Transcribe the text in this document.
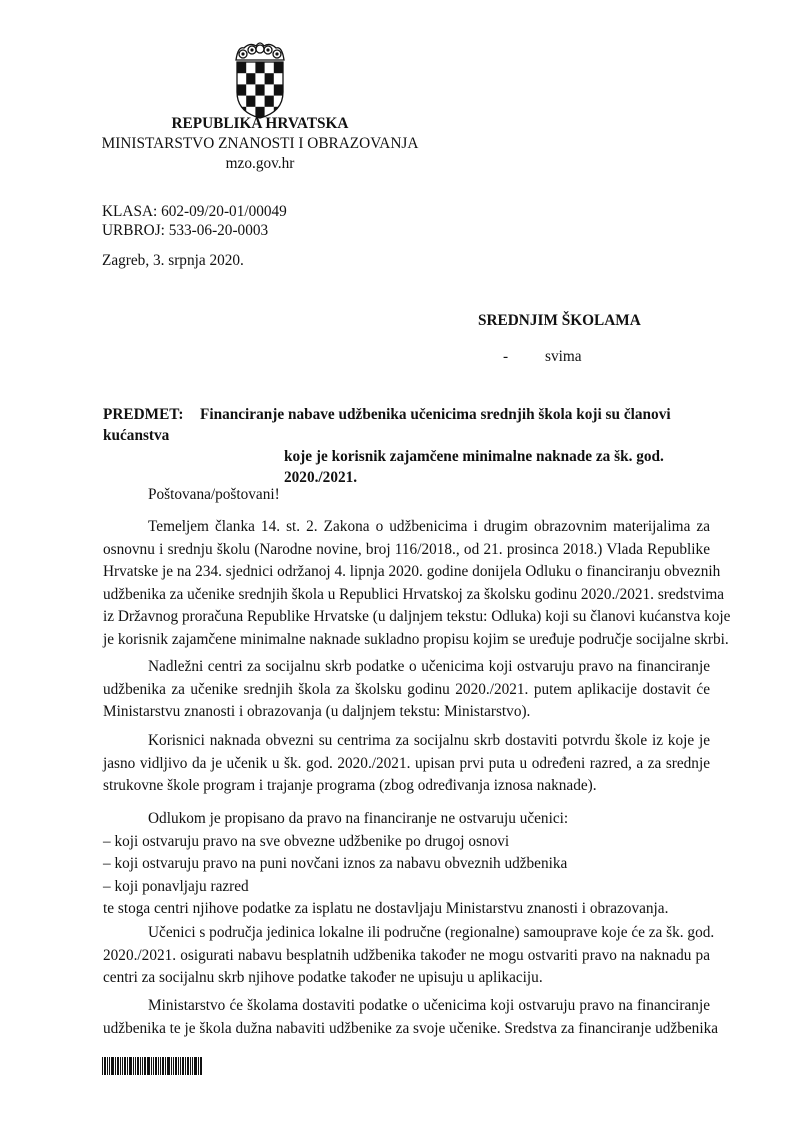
REPUBLIKA HRVATSKA
MINISTARSTVO ZNANOSTI I OBRAZOVANJA
mzo.gov.hr
KLASA: 602-09/20-01/00049
URBROJ: 533-06-20-0003
Zagreb, 3. srpnja 2020.
SREDNJIM ŠKOLAMA
- svima
PREDMET: Financiranje nabave udžbenika učenicima srednjih škola koji su članovi kućanstva
koje je korisnik zajamčene minimalne naknade za šk. god. 2020./2021.
Poštovana/poštovani!
Temeljem članka 14. st. 2. Zakona o udžbenicima i drugim obrazovnim materijalima za
osnovnu i srednju školu (Narodne novine, broj 116/2018., od 21. prosinca 2018.) Vlada Republike
Hrvatske je na 234. sjednici održanoj 4. lipnja 2020. godine donijela Odluku o financiranju obveznih
udžbenika za učenike srednjih škola u Republici Hrvatskoj za školsku godinu 2020./2021. sredstvima
iz Državnog proračuna Republike Hrvatske (u daljnjem tekstu: Odluka) koji su članovi kućanstva koje
je korisnik zajamčene minimalne naknade sukladno propisu kojim se uređuje područje socijalne skrbi.
Nadležni centri za socijalnu skrb podatke o učenicima koji ostvaruju pravo na financiranje
udžbenika za učenike srednjih škola za školsku godinu 2020./2021. putem aplikacije dostavit će
Ministarstvu znanosti i obrazovanja (u daljnjem tekstu: Ministarstvo).
Korisnici naknada obvezni su centrima za socijalnu skrb dostaviti potvrdu škole iz koje je
jasno vidljivo da je učenik u šk. god. 2020./2021. upisan prvi puta u određeni razred, a za srednje
strukovne škole program i trajanje programa (zbog određivanja iznosa naknade).
Odlukom je propisano da pravo na financiranje ne ostvaruju učenici:
– koji ostvaruju pravo na sve obvezne udžbenike po drugoj osnovi
– koji ostvaruju pravo na puni novčani iznos za nabavu obveznih udžbenika
– koji ponavljaju razred
te stoga centri njihove podatke za isplatu ne dostavljaju Ministarstvu znanosti i obrazovanja.
Učenici s područja jedinica lokalne ili područne (regionalne) samouprave koje će za šk. god.
2020./2021. osigurati nabavu besplatnih udžbenika također ne mogu ostvariti pravo na naknadu pa
centri za socijalnu skrb njihove podatke također ne upisuju u aplikaciju.
Ministarstvo će školama dostaviti podatke o učenicima koji ostvaruju pravo na financiranje
udžbenika te je škola dužna nabaviti udžbenike za svoje učenike. Sredstva za financiranje udžbenika
